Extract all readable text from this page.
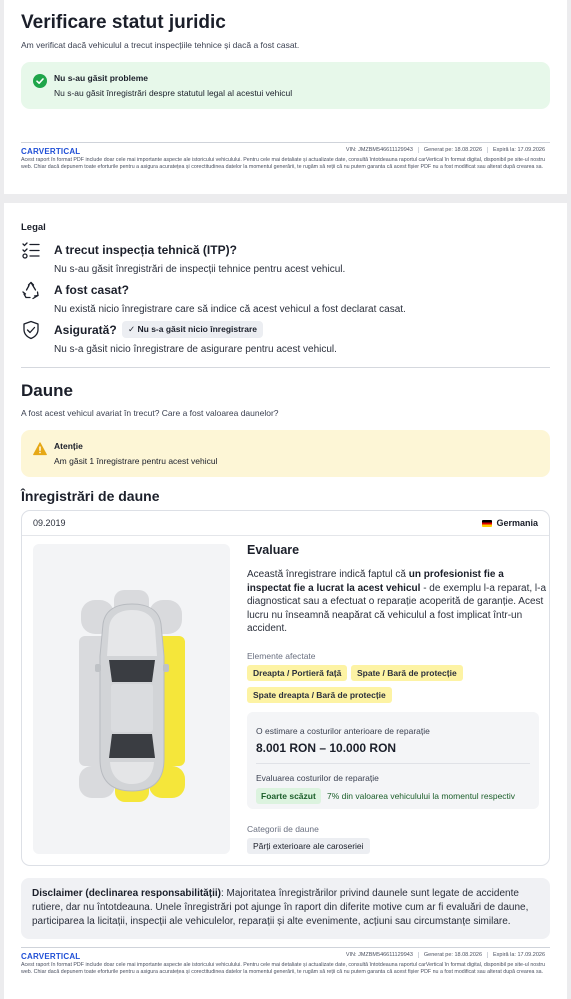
Verificare statut juridic
Am verificat dacă vehiculul a trecut inspecțiile tehnice și dacă a fost casat.
Nu s-au găsit probleme
Nu s-au găsit înregistrări despre statutul legal al acestui vehicul
CARVERTICAL	VIN: JMZBM546611129943	Generat pe: 18.08.2026	Expiră la: 17.09.2026
Acest raport în format PDF include doar cele mai importante aspecte ale istoricului vehiculului. Pentru cele mai detaliate și actualizate date, consultă întotdeauna raportul carVertical în format digital, disponibil pe site-ul nostru web. Chiar dacă depunem toate eforturile pentru a asigura acuratețea și corectitudinea datelor la momentul generării, te rugăm să reții că nu putem garanta că acest fișier PDF nu a fost modificat sau alterat după crearea sa.
Legal
A trecut inspecția tehnică (ITP)?
Nu s-au găsit înregistrări de inspecții tehnice pentru acest vehicul.
A fost casat?
Nu există nicio înregistrare care să indice că acest vehicul a fost declarat casat.
Asigurată?	✓ Nu s-a găsit nicio înregistrare
Nu s-a găsit nicio înregistrare de asigurare pentru acest vehicul.
Daune
A fost acest vehicul avariat în trecut? Care a fost valoarea daunelor?
Atenție
Am găsit 1 înregistrare pentru acest vehicul
Înregistrări de daune
09.2019	Germania
Evaluare
Această înregistrare indică faptul că un profesionist fie a inspectat fie a lucrat la acest vehicul - de exemplu l-a reparat, l-a diagnosticat sau a efectuat o reparație acoperită de garanție. Acest lucru nu înseamnă neapărat că vehiculul a fost implicat într-un accident.
Elemente afectate
Dreapta / Portieră față	Spate / Bară de protecție
Spate dreapta / Bară de protecție
O estimare a costurilor anterioare de reparație
8.001 RON – 10.000 RON
Evaluarea costurilor de reparație
Foarte scăzut	7% din valoarea vehiculului la momentul respectiv
Categorii de daune
Părți exterioare ale caroseriei

Disclaimer (declinarea responsabilității): Majoritatea înregistrărilor privind daunele sunt legate de accidente rutiere, dar nu întotdeauna. Unele înregistrări pot ajunge în raport din diferite motive cum ar fi evaluări de daune, participarea la licitații, inspecții ale vehiculelor, reparații și alte evenimente, acțiuni sau circumstanțe similare.

CARVERTICAL	VIN: JMZBM546611129943	Generat pe: 18.08.2026	Expiră la: 17.09.2026
Acest raport în format PDF include doar cele mai importante aspecte ale istoricului vehiculului. Pentru cele mai detaliate și actualizate date, consultă întotdeauna raportul carVertical în format digital, disponibil pe site-ul nostru web. Chiar dacă depunem toate eforturile pentru a asigura acuratețea și corectitudinea datelor la momentul generării, te rugăm să reții că nu putem garanta că acest fișier PDF nu a fost modificat sau alterat după crearea sa.
